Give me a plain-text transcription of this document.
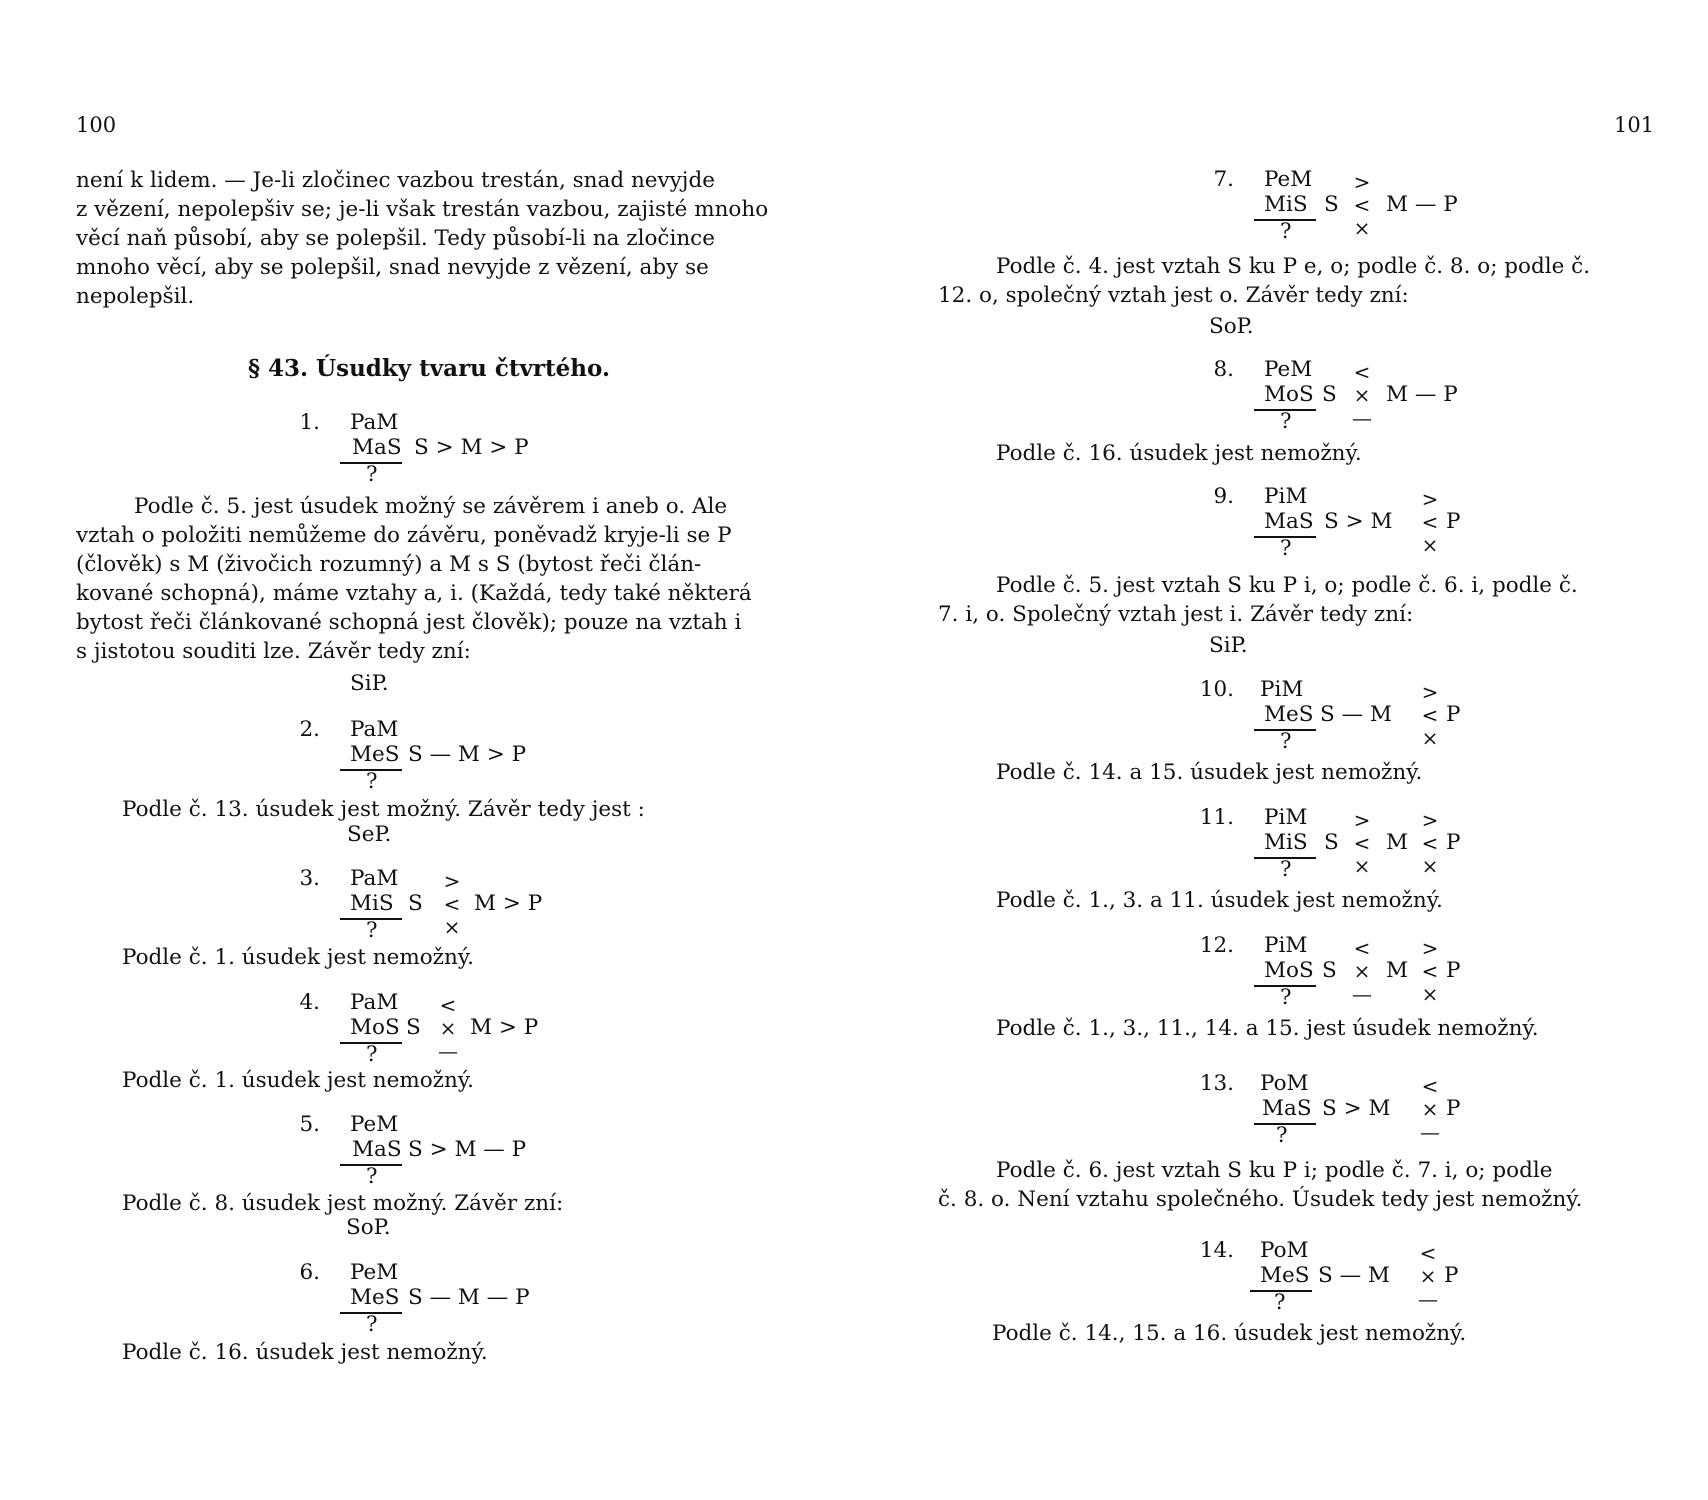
100
není k lidem. — Je-li zločinec vazbou trestán, snad nevyjde
z vězení, nepolepšiv se; je-li však trestán vazbou, zajisté mnoho
věcí naň působí, aby se polepšil. Tedy působí-li na zločince
mnoho věcí, aby se polepšil, snad nevyjde z vězení, aby se
nepolepšil.
§ 43. Úsudky tvaru čtvrtého.
1. PaM
MaS
?
S > M > P
Podle č. 5. jest úsudek možný se závěrem i aneb o. Ale
vztah o položiti nemůžeme do závěru, poněvadž kryje-li se P
(člověk) s M (živočich rozumný) a M s S (bytost řeči člán-
kované schopná), máme vztahy a, i. (Každá, tedy také některá
bytost řeči článkované schopná jest člověk); pouze na vztah i
s jistotou souditi lze. Závěr tedy zní:
SiP.
2. PaM
MeS
?
S — M > P
Podle č. 13. úsudek jest možný. Závěr tedy jest :
SeP.
3. PaM
MiS
?
S
>
<
×
M > P
Podle č. 1. úsudek jest nemožný.
4. PaM
MoS
?
S
<
×
—
M > P
Podle č. 1. úsudek jest nemožný.
5. PeM
MaS
?
S > M — P
Podle č. 8. úsudek jest možný. Závěr zní:
SoP.
6. PeM
MeS
?
S — M — P
Podle č. 16. úsudek jest nemožný.
101
7. PeM
MiS
?
S
>
<
×
M — P
Podle č. 4. jest vztah S ku P e, o; podle č. 8. o; podle č.
12. o, společný vztah jest o. Závěr tedy zní:
SoP.
8. PeM
MoS
?
S
<
×
—
M — P
Podle č. 16. úsudek jest nemožný.
9. PiM
MaS
?
S > M
>
<
×
P
Podle č. 5. jest vztah S ku P i, o; podle č. 6. i, podle č.
7. i, o. Společný vztah jest i. Závěr tedy zní:
SiP.
10. PiM
MeS
?
S — M
>
<
×
P
Podle č. 14. a 15. úsudek jest nemožný.
11. PiM
MiS
?
S
>
<
×
M
>
<
×
P
Podle č. 1., 3. a 11. úsudek jest nemožný.
12. PiM
MoS
?
S
<
×
—
M
>
<
×
P
Podle č. 1., 3., 11., 14. a 15. jest úsudek nemožný.
13. PoM
MaS
?
S > M
<
×
—
P
Podle č. 6. jest vztah S ku P i; podle č. 7. i, o; podle
č. 8. o. Není vztahu společného. Úsudek tedy jest nemožný.
14. PoM
MeS
?
S — M
<
×
—
P
Podle č. 14., 15. a 16. úsudek jest nemožný.
